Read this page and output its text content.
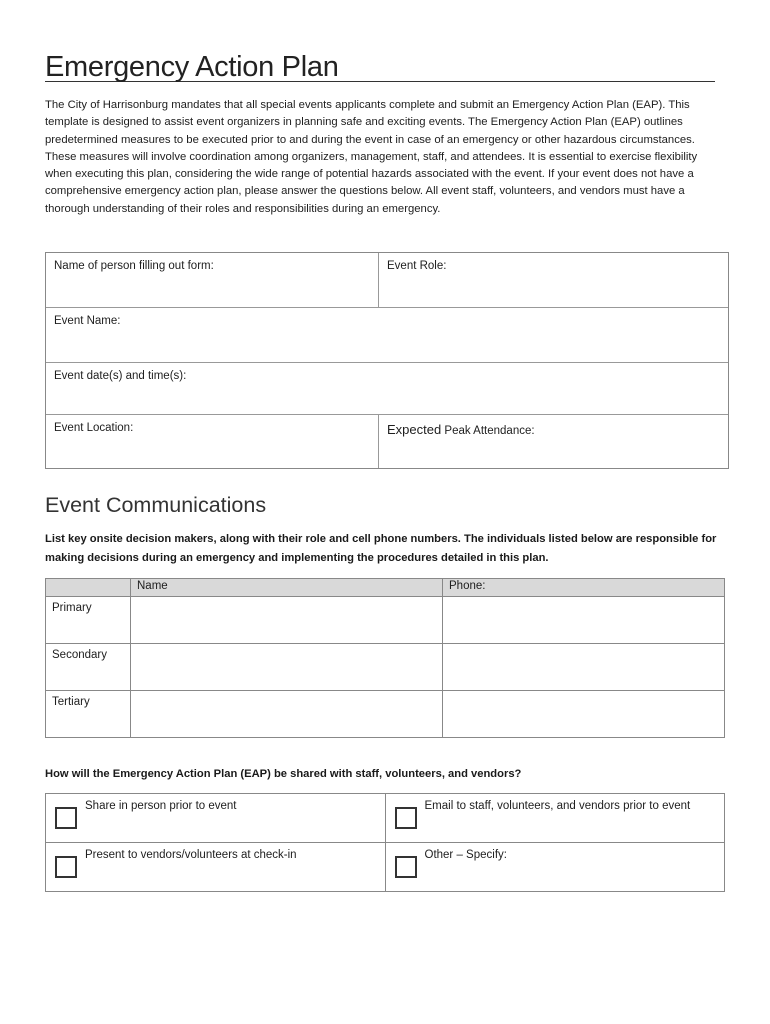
Emergency Action Plan

The City of Harrisonburg mandates that all special events applicants complete and submit an Emergency Action Plan (EAP). This template is designed to assist event organizers in planning safe and exciting events. The Emergency Action Plan (EAP) outlines predetermined measures to be executed prior to and during the event in case of an emergency or other hazardous circumstances. These measures will involve coordination among organizers, management, staff, and attendees. It is essential to exercise flexibility when executing this plan, considering the wide range of potential hazards associated with the event. If your event does not have a comprehensive emergency action plan, please answer the questions below. All event staff, volunteers, and vendors must have a thorough understanding of their roles and responsibilities during an emergency.

Name of person filling out form:	Event Role:
Event Name:
Event date(s) and time(s):
Event Location:	Expected Peak Attendance:
Event Communications

List key onsite decision makers, along with their role and cell phone numbers. The individuals listed below are responsible for making decisions during an emergency and implementing the procedures detailed in this plan.

	Name	Phone:
Primary		
Secondary		
Tertiary		

How will the Emergency Action Plan (EAP) be shared with staff, volunteers, and vendors?

Share in person prior to event	Email to staff, volunteers, and vendors prior to event

Present to vendors/volunteers at check-in	Other – Specify:
